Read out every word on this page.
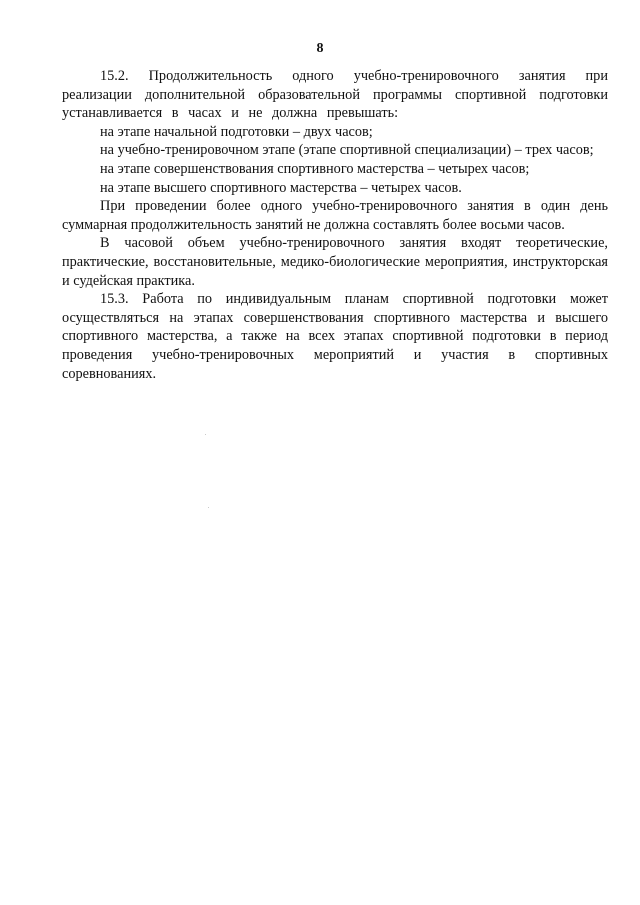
8

15.2. Продолжительность одного учебно-тренировочного занятия при реализации дополнительной образовательной программы спортивной подготовки устанавливается в часах и не должна превышать:

на этапе начальной подготовки – двух часов;

на учебно-тренировочном этапе (этапе спортивной специализации) – трех часов;

на этапе совершенствования спортивного мастерства – четырех часов;

на этапе высшего спортивного мастерства – четырех часов.

При проведении более одного учебно-тренировочного занятия в один день суммарная продолжительность занятий не должна составлять более восьми часов.

В часовой объем учебно-тренировочного занятия входят теоретические, практические, восстановительные, медико-биологические мероприятия, инструкторская и судейская практика.

15.3. Работа по индивидуальным планам спортивной подготовки может осуществляться на этапах совершенствования спортивного мастерства и высшего спортивного мастерства, а также на всех этапах спортивной подготовки в период проведения учебно-тренировочных мероприятий и участия в спортивных соревнованиях.
